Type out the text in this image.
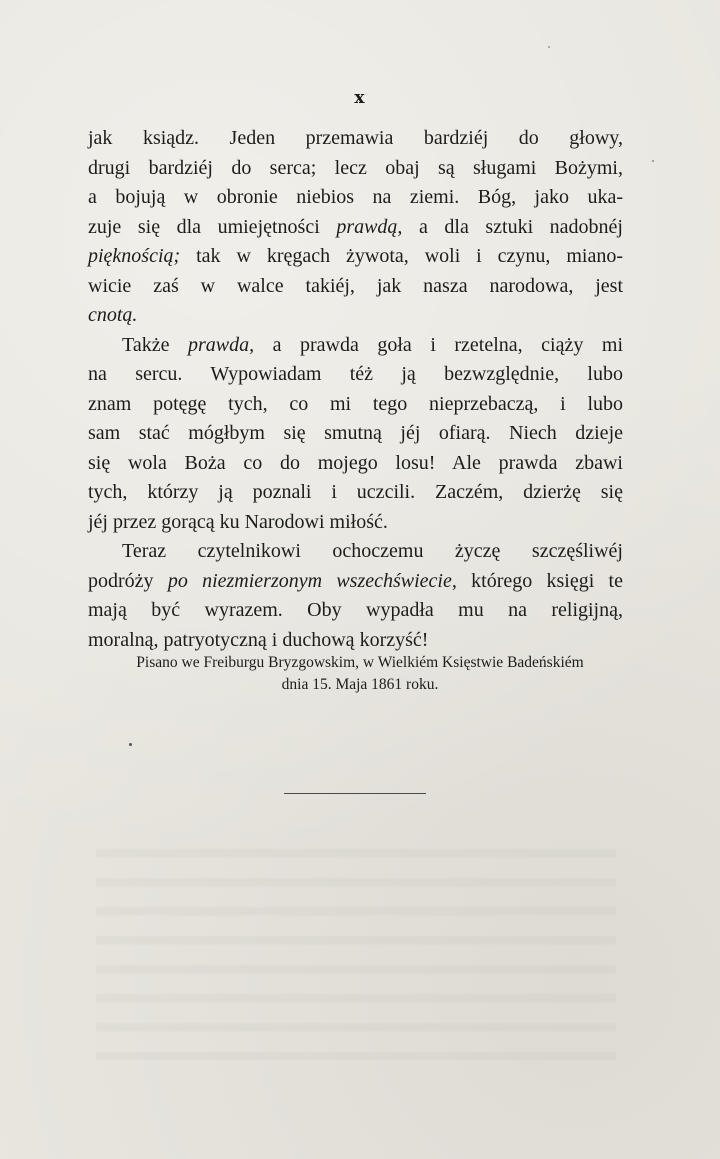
x
jak ksiądz. Jeden przemawia bardziéj do głowy,
drugi bardziéj do serca; lecz obaj są sługami Bożymi,
a bojują w obronie niebios na ziemi. Bóg, jako uka-
zuje się dla umiejętności prawdą, a dla sztuki nadobnéj
pięknością; tak w kręgach żywota, woli i czynu, miano-
wicie zaś w walce takiéj, jak nasza narodowa, jest
cnotą.
Także prawda, a prawda goła i rzetelna, ciąży mi
na sercu. Wypowiadam téż ją bezwzględnie, lubo
znam potęgę tych, co mi tego nieprzebaczą, i lubo
sam stać mógłbym się smutną jéj ofiarą. Niech dzieje
się wola Boża co do mojego losu! Ale prawda zbawi
tych, którzy ją poznali i uczcili. Zaczém, dzierżę się
jéj przez gorącą ku Narodowi miłość.
Teraz czytelnikowi ochoczemu życzę szczęśliwéj
podróży po niezmierzonym wszechświecie, którego księgi te
mają być wyrazem. Oby wypadła mu na religijną,
moralną, patryotyczną i duchową korzyść!
Pisano we Freiburgu Bryzgowskim, w Wielkiém Księstwie Badeńskiém
dnia 15. Maja 1861 roku.
